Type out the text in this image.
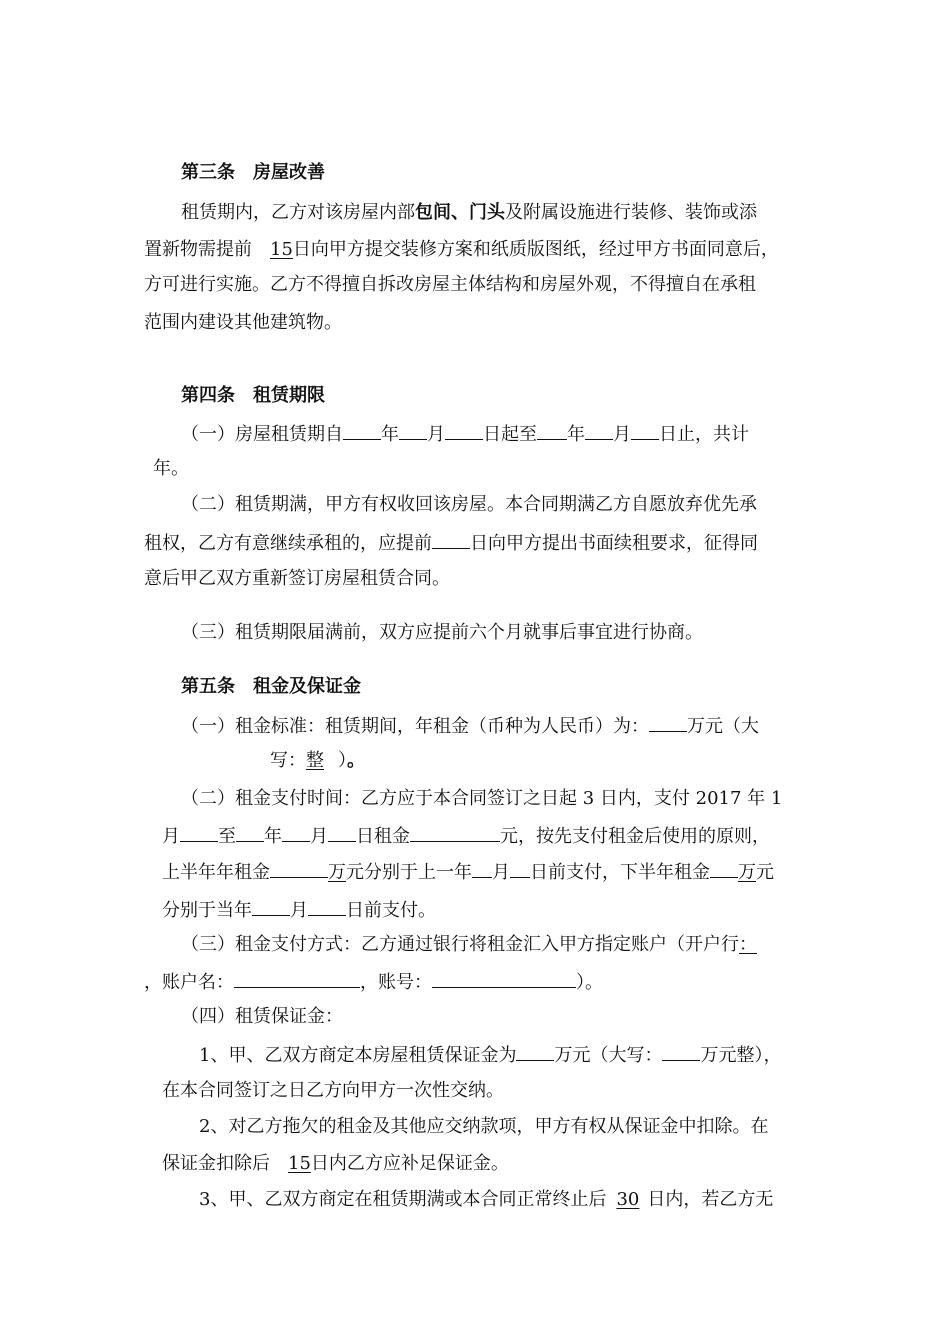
第三条　房屋改善
租赁期内，乙方对该房屋内部包间、门头及附属设施进行装修、装饰或添
置新物需提前 15日向甲方提交装修方案和纸质版图纸，经过甲方书面同意后，
方可进行实施。乙方不得擅自拆改房屋主体结构和房屋外观，不得擅自在承租
范围内建设其他建筑物。
第四条　租赁期限
（一）房屋租赁期自 年 月 日起至 年 月 日止，共计
年。
（二）租赁期满，甲方有权收回该房屋。本合同期满乙方自愿放弃优先承
租权，乙方有意继续承租的，应提前 日向甲方提出书面续租要求，征得同
意后甲乙双方重新签订房屋租赁合同。
（三）租赁期限届满前，双方应提前六个月就事后事宜进行协商。
第五条　租金及保证金
（一）租金标准：租赁期间，年租金（币种为人民币）为： 万元（大
写：整 ）。
（二）租金支付时间：乙方应于本合同签订之日起 3 日内，支付 2017 年 1
月 至 年 月 日租金	元，按先支付租金后使用的原则，
上半年年租金	万元分别于上一年 月 日前支付，下半年租金 万元
分别于当年 月 日前支付。
（三）租金支付方式：乙方通过银行将租金汇入甲方指定账户（开户行：
，账户名：	，账号：	）。
（四）租赁保证金：
1、甲、乙双方商定本房屋租赁保证金为 万元（大写： 万元整），
在本合同签订之日乙方向甲方一次性交纳。
2、对乙方拖欠的租金及其他应交纳款项，甲方有权从保证金中扣除。在
保证金扣除后 15日内乙方应补足保证金。
3、甲、乙双方商定在租赁期满或本合同正常终止后 30 日内，若乙方无
